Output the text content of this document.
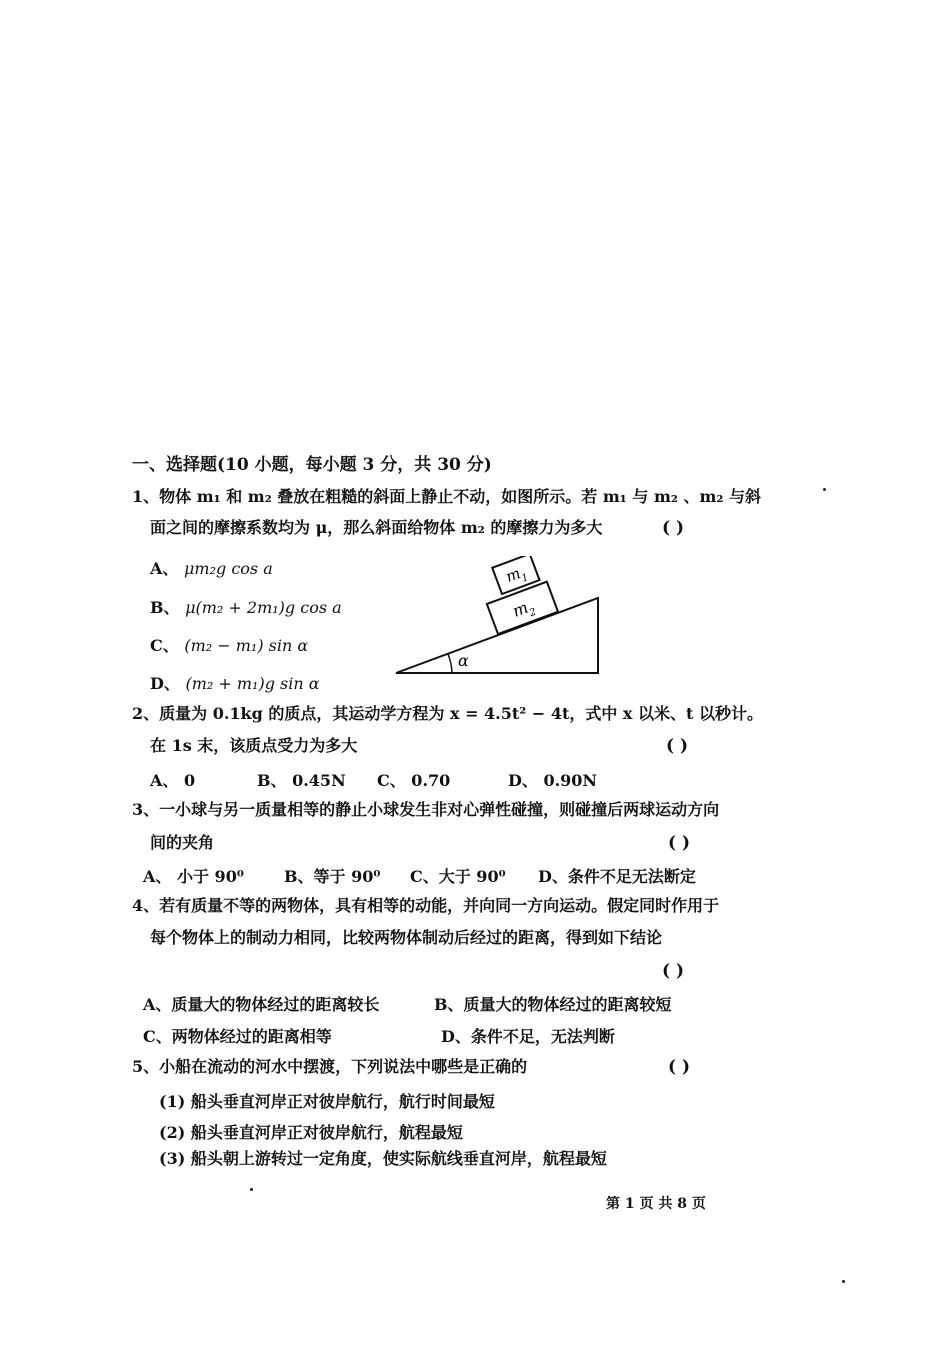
一、选择题(10 小题，每小题 3 分，共 30 分)
1、物体 m₁ 和 m₂ 叠放在粗糙的斜面上静止不动，如图所示。若 m₁ 与 m₂ 、m₂ 与斜
面之间的摩擦系数均为 μ，那么斜面给物体 m₂ 的摩擦力为多大	( )
A、 μm₂g cos a
B、 μ(m₂ + 2m₁)g cos a
C、 (m₂ − m₁) sin α
D、 (m₂ + m₁)g sin α
α
m
2
m
1
2、质量为 0.1kg 的质点，其运动学方程为 x = 4.5t² − 4t，式中 x 以米、t 以秒计。
在 1s 末，该质点受力为多大	( )
A、 0	B、 0.45N C、 0.70	D、 0.90N
3、一小球与另一质量相等的静止小球发生非对心弹性碰撞，则碰撞后两球运动方向
间的夹角	( )
A、 小于 90⁰	B、等于 90⁰ C、大于 90⁰ D、条件不足无法断定
4、若有质量不等的两物体，具有相等的动能，并向同一方向运动。假定同时作用于
每个物体上的制动力相同，比较两物体制动后经过的距离，得到如下结论
( )
A、质量大的物体经过的距离较长	B、质量大的物体经过的距离较短
C、两物体经过的距离相等	D、条件不足，无法判断
5、小船在流动的河水中摆渡，下列说法中哪些是正确的	( )
(1) 船头垂直河岸正对彼岸航行，航行时间最短
(2) 船头垂直河岸正对彼岸航行，航程最短
(3) 船头朝上游转过一定角度，使实际航线垂直河岸，航程最短
第 1 页 共 8 页
